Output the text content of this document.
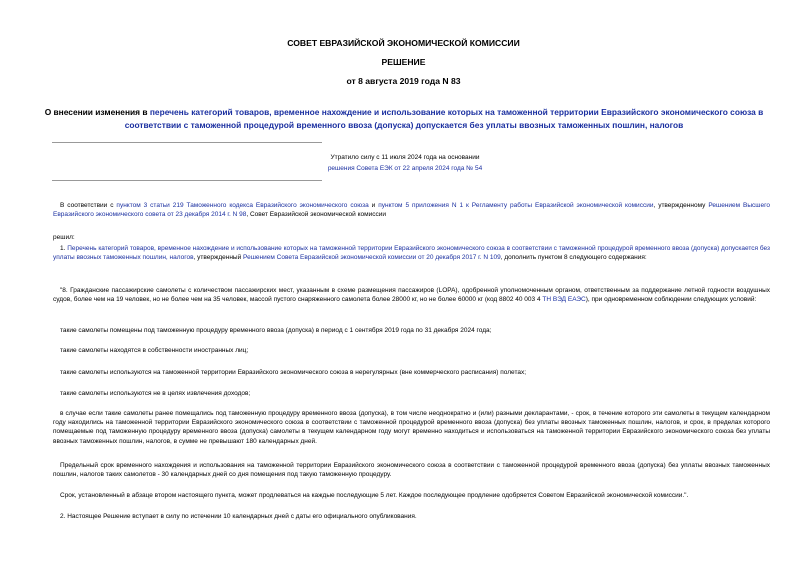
СОВЕТ ЕВРАЗИЙСКОЙ ЭКОНОМИЧЕСКОЙ КОМИССИИ
РЕШЕНИЕ
от 8 августа 2019 года N 83
О внесении изменения в перечень категорий товаров, временное нахождение и использование которых на таможенной территории Евразийского экономического союза в соответствии с таможенной процедурой временного ввоза (допуска) допускается без уплаты ввозных таможенных пошлин, налогов
Утратило силу с 11 июля 2024 года на основании
решения Совета ЕЭК от 22 апреля 2024 года № 54

В соответствии с пунктом 3 статьи 219 Таможенного кодекса Евразийского экономического союза и пунктом 5 приложения N 1 к Регламенту работы Евразийской экономической комиссии, утвержденному Решением Высшего Евразийского экономического совета от 23 декабря 2014 г. N 98, Совет Евразийской экономической комиссии

решил:

1. Перечень категорий товаров, временное нахождение и использование которых на таможенной территории Евразийского экономического союза в соответствии с таможенной процедурой временного ввоза (допуска) допускается без уплаты ввозных таможенных пошлин, налогов, утвержденный Решением Совета Евразийской экономической комиссии от 20 декабря 2017 г. N 109, дополнить пунктом 8 следующего содержания:

"8. Гражданские пассажирские самолеты с количеством пассажирских мест, указанным в схеме размещения пассажиров (LOPA), одобренной уполномоченным органом, ответственным за поддержание летной годности воздушных судов, более чем на 19 человек, но не более чем на 35 человек, массой пустого снаряженного самолета более 28000 кг, но не более 60000 кг (код 8802 40 003 4 ТН ВЭД ЕАЭС), при одновременном соблюдении следующих условий:

такие самолеты помещены под таможенную процедуру временного ввоза (допуска) в период с 1 сентября 2019 года по 31 декабря 2024 года;

такие самолеты находятся в собственности иностранных лиц;

такие самолеты используются на таможенной территории Евразийского экономического союза в нерегулярных (вне коммерческого расписания) полетах;

такие самолеты используются не в целях извлечения доходов;

в случае если такие самолеты ранее помещались под таможенную процедуру временного ввоза (допуска), в том числе неоднократно и (или) разными декларантами, - срок, в течение которого эти самолеты в текущем календарном году находились на таможенной территории Евразийского экономического союза в соответствии с таможенной процедурой временного ввоза (допуска) без уплаты ввозных таможенных пошлин, налогов, и срок, в пределах которого помещаемые под таможенную процедуру временного ввоза (допуска) самолеты в текущем календарном году могут временно находиться и использоваться на таможенной территории Евразийского экономического союза без уплаты ввозных таможенных пошлин, налогов, в сумме не превышают 180 календарных дней.

Предельный срок временного нахождения и использования на таможенной территории Евразийского экономического союза в соответствии с таможенной процедурой временного ввоза (допуска) без уплаты ввозных таможенных пошлин, налогов таких самолетов - 30 календарных дней со дня помещения под такую таможенную процедуру.

Срок, установленный в абзаце втором настоящего пункта, может продлеваться на каждые последующие 5 лет. Каждое последующее продление одобряется Советом Евразийской экономической комиссии.".

2. Настоящее Решение вступает в силу по истечении 10 календарных дней с даты его официального опубликования.
